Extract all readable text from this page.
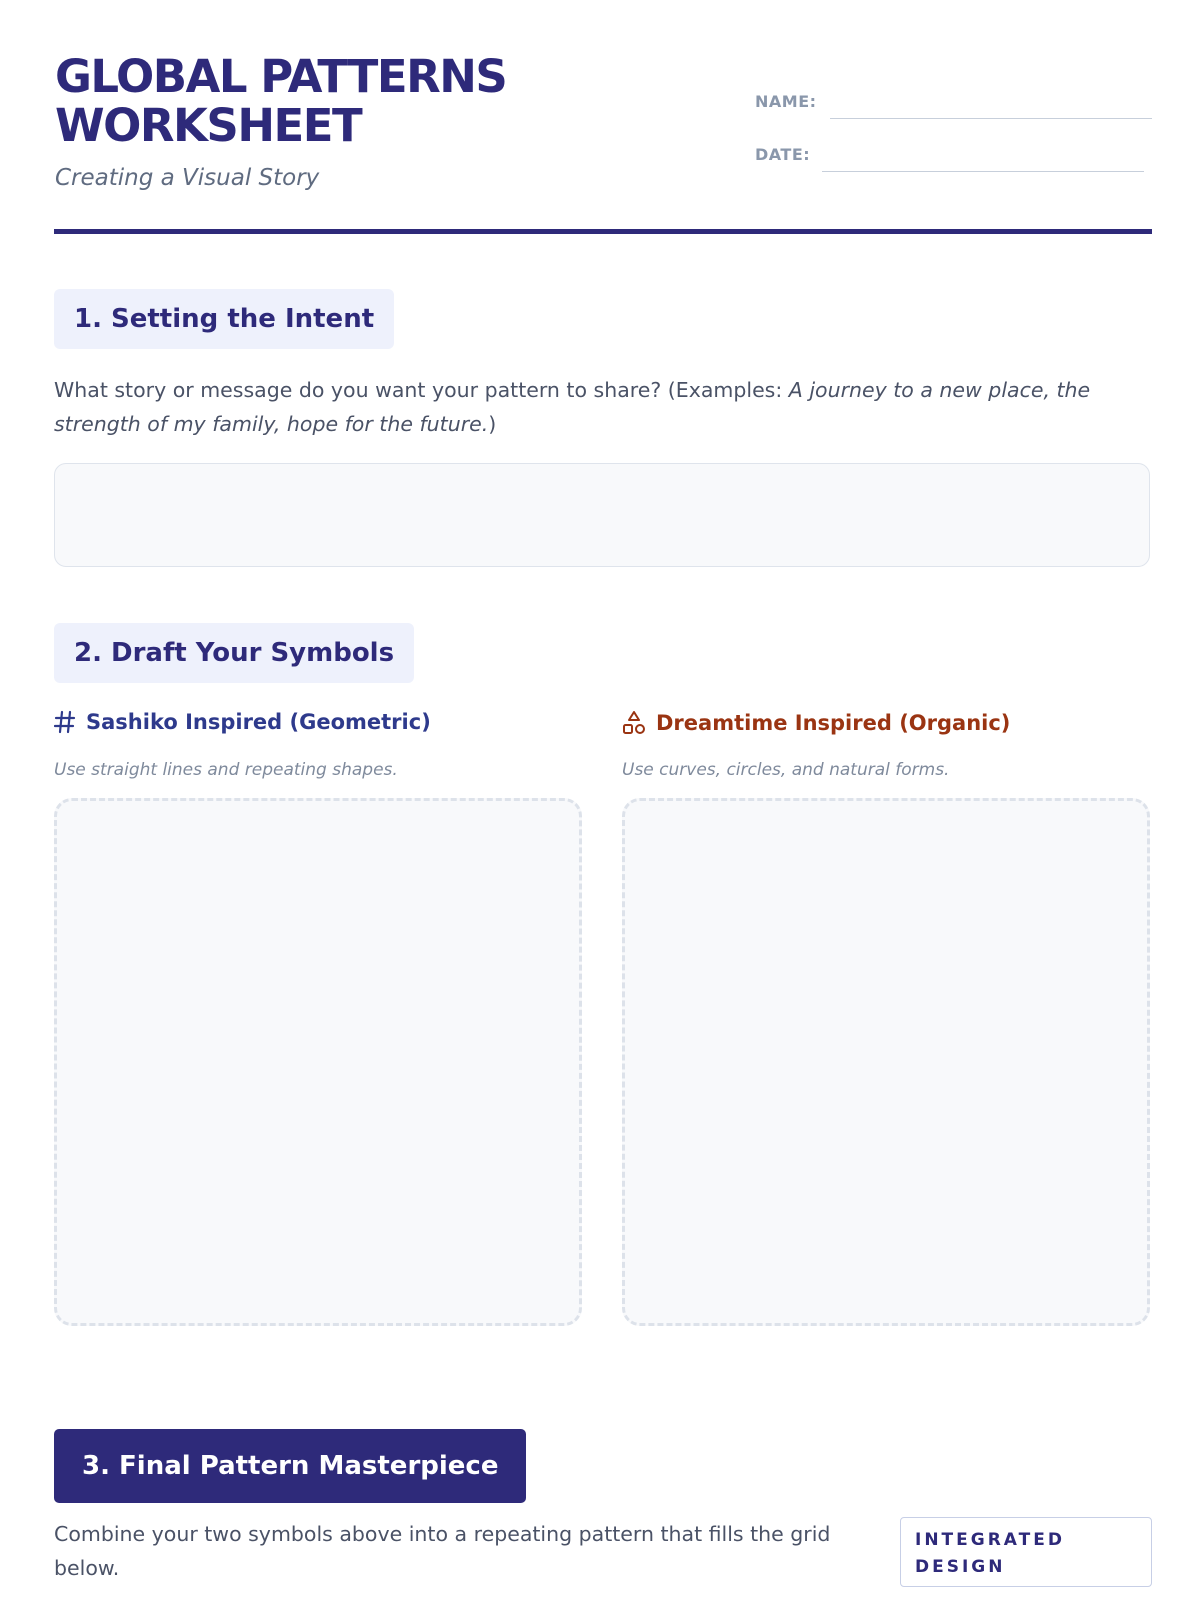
GLOBAL PATTERNS
WORKSHEET
Creating a Visual Story
NAME:
DATE:
1. Setting the Intent
What story or message do you want your pattern to share? (Examples: A journey to a new place, the strength of my family, hope for the future.)
2. Draft Your Symbols
Sashiko Inspired (Geometric)
Use straight lines and repeating shapes.
Dreamtime Inspired (Organic)
Use curves, circles, and natural forms.
3. Final Pattern Masterpiece
Combine your two symbols above into a repeating pattern that fills the grid below.
INTEGRATED DESIGN
